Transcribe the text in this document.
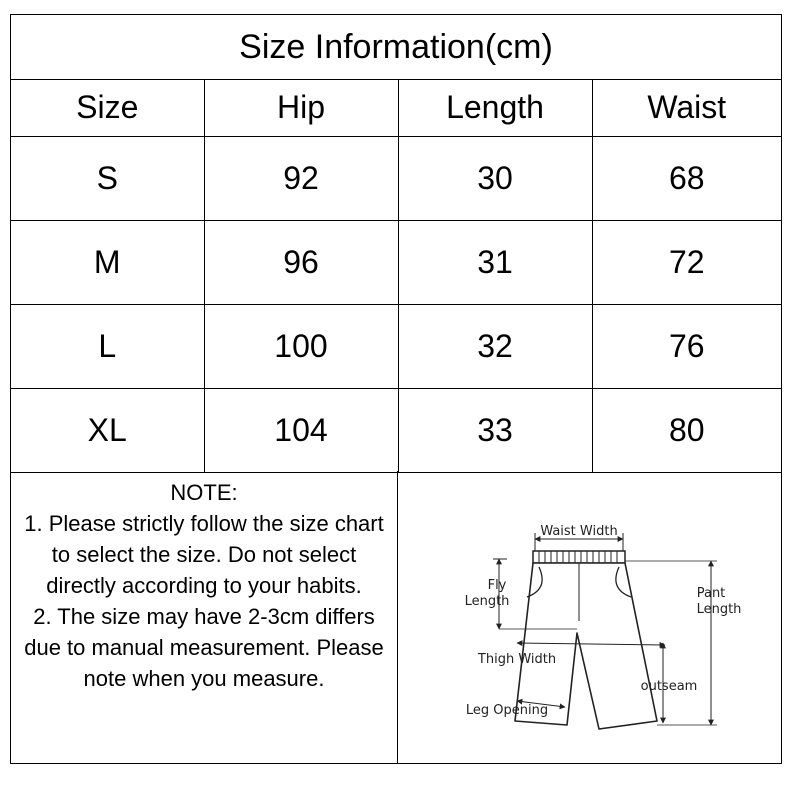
Size Information(cm)
Size	Hip	Length	Waist
S	92	30	68
M	96	31	72
L	100	32	76
XL	104	33	80
NOTE:
1. Please strictly follow the size chart to select the size. Do not select directly according to your habits.
2. The size may have 2-3cm differs due to manual measurement. Please note when you measure.
Waist Width
Fly
Length
Pant
Length
Thigh Width
outseam
Leg Opening
